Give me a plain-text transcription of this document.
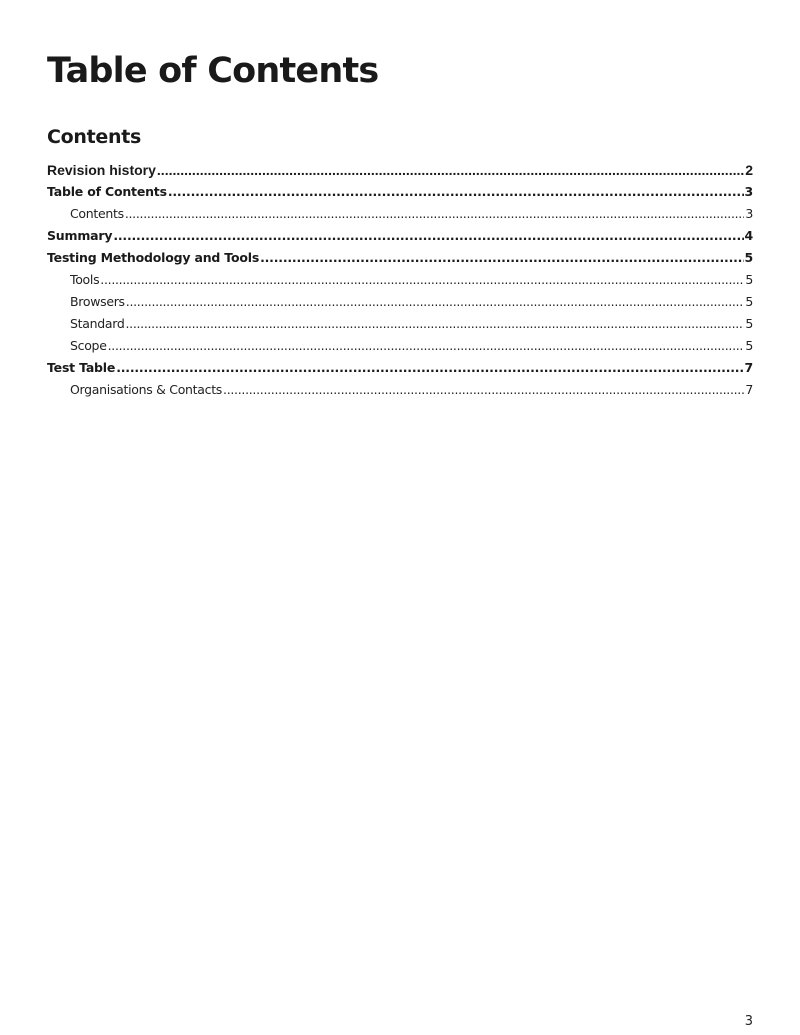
Table of Contents
Contents
Revision history .....	2
Table of Contents .....	3
Contents .....	3
Summary .....	4
Testing Methodology and Tools .....	5
Tools .....	5
Browsers .....	5
Standard .....	5
Scope .....	5
Test Table .....	7
Organisations & Contacts .....	7
3
